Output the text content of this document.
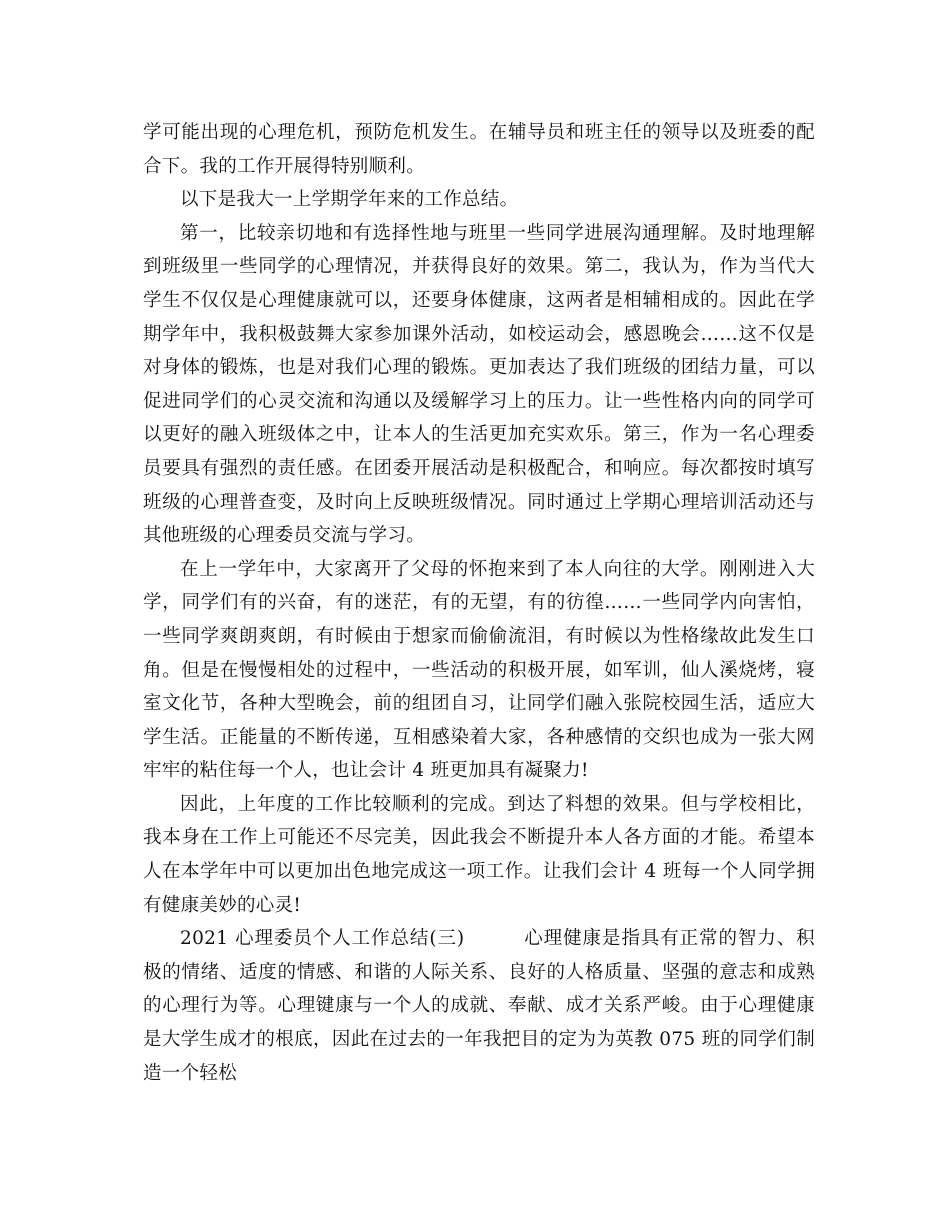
学可能出现的心理危机，预防危机发生。在辅导员和班主任的领导以及班委的配合下。我的工作开展得特别顺利。

以下是我大一上学期学年来的工作总结。

第一，比较亲切地和有选择性地与班里一些同学进展沟通理解。及时地理解到班级里一些同学的心理情况，并获得良好的效果。第二，我认为，作为当代大学生不仅仅是心理健康就可以，还要身体健康，这两者是相辅相成的。因此在学期学年中，我积极鼓舞大家参加课外活动，如校运动会，感恩晚会……这不仅是对身体的锻炼，也是对我们心理的锻炼。更加表达了我们班级的团结力量，可以促进同学们的心灵交流和沟通以及缓解学习上的压力。让一些性格内向的同学可以更好的融入班级体之中，让本人的生活更加充实欢乐。第三，作为一名心理委员要具有强烈的责任感。在团委开展活动是积极配合，和响应。每次都按时填写班级的心理普查变，及时向上反映班级情况。同时通过上学期心理培训活动还与其他班级的心理委员交流与学习。

在上一学年中，大家离开了父母的怀抱来到了本人向往的大学。刚刚进入大学，同学们有的兴奋，有的迷茫，有的无望，有的彷徨……一些同学内向害怕，一些同学爽朗爽朗，有时候由于想家而偷偷流泪，有时候以为性格缘故此发生口角。但是在慢慢相处的过程中，一些活动的积极开展，如军训，仙人溪烧烤，寝室文化节，各种大型晚会，前的组团自习，让同学们融入张院校园生活，适应大学生活。正能量的不断传递，互相感染着大家，各种感情的交织也成为一张大网牢牢的粘住每一个人，也让会计 4 班更加具有凝聚力!

因此，上年度的工作比较顺利的完成。到达了料想的效果。但与学校相比，我本身在工作上可能还不尽完美，因此我会不断提升本人各方面的才能。希望本人在本学年中可以更加出色地完成这一项工作。让我们会计 4 班每一个人同学拥有健康美妙的心灵!

2021 心理委员个人工作总结(三)	心理健康是指具有正常的智力、积极的情绪、适度的情感、和谐的人际关系、良好的人格质量、坚强的意志和成熟的心理行为等。心理键康与一个人的成就、奉献、成才关系严峻。由于心理健康是大学生成才的根底，因此在过去的一年我把目的定为为英教 075 班的同学们制造一个轻松
